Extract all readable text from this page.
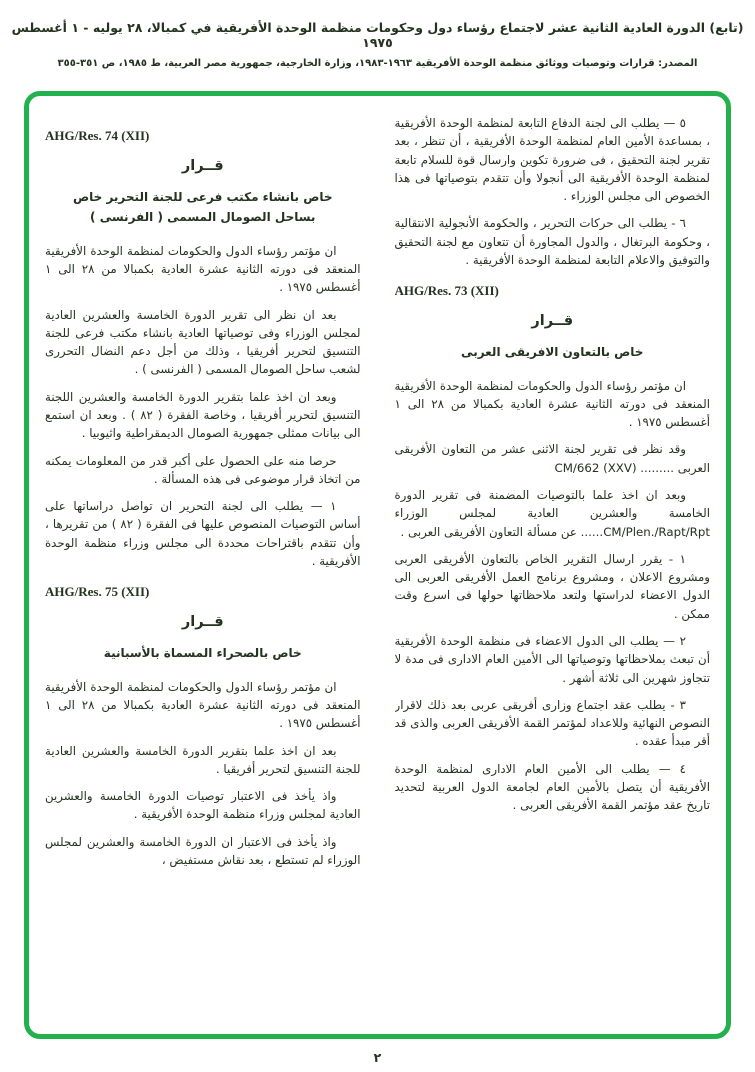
(تابع) الدورة العادية الثانية عشر لاجتماع رؤساء دول وحكومات منظمة الوحدة الأفريقية في كمبالا، ٢٨ يوليه - ١ أغسطس ١٩٧٥
المصدر: قرارات وتوصيات ووثائق منظمة الوحدة الأفريقية ١٩٦٣-١٩٨٣، وزارة الخارجية، جمهورية مصر العربية، ط ١٩٨٥، ص ٣٥١-٣٥٥

٥ — يطلب الى لجنة الدفاع التابعة لمنظمة الوحدة الأفريقية ، بمساعدة الأمين العام لمنظمة الوحدة الأفريقية ، أن تنظر ، بعد تقرير لجنة التحقيق ، فى ضرورة تكوين وارسال قوة للسلام تابعة لمنظمة الوحدة الأفريقية الى أنجولا وأن تتقدم بتوصياتها فى هذا الخصوص الى مجلس الوزراء .

٦ - يطلب الى حركات التحرير ، والحكومة الأنجولية الانتقالية ، وحكومة البرتغال ، والدول المجاورة أن تتعاون مع لجنة التحقيق والتوفيق والاعلام التابعة لمنظمة الوحدة الأفريقية .

AHG/Res. 73 (XII)
قــرار
خاص بالتعاون الافريقى العربى

ان مؤتمر رؤساء الدول والحكومات لمنظمة الوحدة الأفريقية المنعقد فى دورته الثانية عشرة العادية بكمبالا من ٢٨ الى ١ أغسطس ١٩٧٥ .

وقد نظر فى تقرير لجنة الاثنى عشر من التعاون الأفريقى العربى ......... CM/662 (XXV)

وبعد ان اخذ علما بالتوصيات المضمنة فى تقرير الدورة الخامسة والعشرين العادية لمجلس الوزراء CM/Plen./Rapt/Rpt...... عن مسألة التعاون الأفريقى العربى .

١ - يقرر ارسال التقرير الخاص بالتعاون الأفريقى العربى ومشروع الاعلان ، ومشروع برنامج العمل الأفريقى العربى الى الدول الاعضاء لدراستها ولتعد ملاحظاتها حولها فى اسرع وقت ممكن .

٢ — يطلب الى الدول الاعضاء فى منظمة الوحدة الأفريقية أن تبعث بملاحظاتها وتوصياتها الى الأمين العام الادارى فى مدة لا تتجاوز شهرين الى ثلاثة أشهر .

٣ - يطلب عقد اجتماع وزارى أفريقى عربى بعد ذلك لاقرار النصوص النهائية وللاعداد لمؤتمر القمة الأفريقى العربى والذى قد أقر مبدأ عقده .

٤ — يطلب الى الأمين العام الادارى لمنظمة الوحدة الأفريقية أن يتصل بالأمين العام لجامعة الدول العربية لتحديد تاريخ عقد مؤتمر القمة الأفريقى العربى .

AHG/Res. 74 (XII)
قــرار
خاص بانشاء مكتب فرعى للجنة التحرير خاص بساحل الصومال المسمى ( الفرنسى )

ان مؤتمر رؤساء الدول والحكومات لمنظمة الوحدة الأفريقية المنعقد فى دورته الثانية عشرة العادية بكمبالا من ٢٨ الى ١ أغسطس ١٩٧٥ .

بعد ان نظر الى تقرير الدورة الخامسة والعشرين العادية لمجلس الوزراء وفى توصياتها العادية بانشاء مكتب فرعى للجنة التنسيق لتحرير أفريقيا ، وذلك من أجل دعم النضال التحررى لشعب ساحل الصومال المسمى ( الفرنسى ) .

وبعد ان اخذ علما بتقرير الدورة الخامسة والعشرين اللجنة التنسيق لتحرير أفريقيا ، وخاصة الفقرة ( ٨٢ ) . وبعد ان استمع الى بيانات ممثلى جمهورية الصومال الديمقراطية واثيوبيا .

حرصا منه على الحصول على أكبر قدر من المعلومات يمكنه من اتخاذ قرار موضوعى فى هذه المسألة .

١ — يطلب الى لجنة التحرير ان تواصل دراساتها على أساس التوصيات المنصوص عليها فى الفقرة ( ٨٢ ) من تقريرها ، وأن تتقدم باقتراحات محددة الى مجلس وزراء منظمة الوحدة الأفريقية .

AHG/Res. 75 (XII)
قــرار
خاص بالصحراء المسماة بالأسبانية

ان مؤتمر رؤساء الدول والحكومات لمنظمة الوحدة الأفريقية المنعقد فى دورته الثانية عشرة العادية بكمبالا من ٢٨ الى ١ أغسطس ١٩٧٥ .

بعد ان اخذ علما بتقرير الدورة الخامسة والعشرين العادية للجنة التنسيق لتحرير أفريقيا .

واذ يأخذ فى الاعتبار توصيات الدورة الخامسة والعشرين العادية لمجلس وزراء منظمة الوحدة الأفريقية .

واذ يأخذ فى الاعتبار ان الدورة الخامسة والعشرين لمجلس الوزراء لم تستطع ، بعد نقاش مستفيض ،

٢
